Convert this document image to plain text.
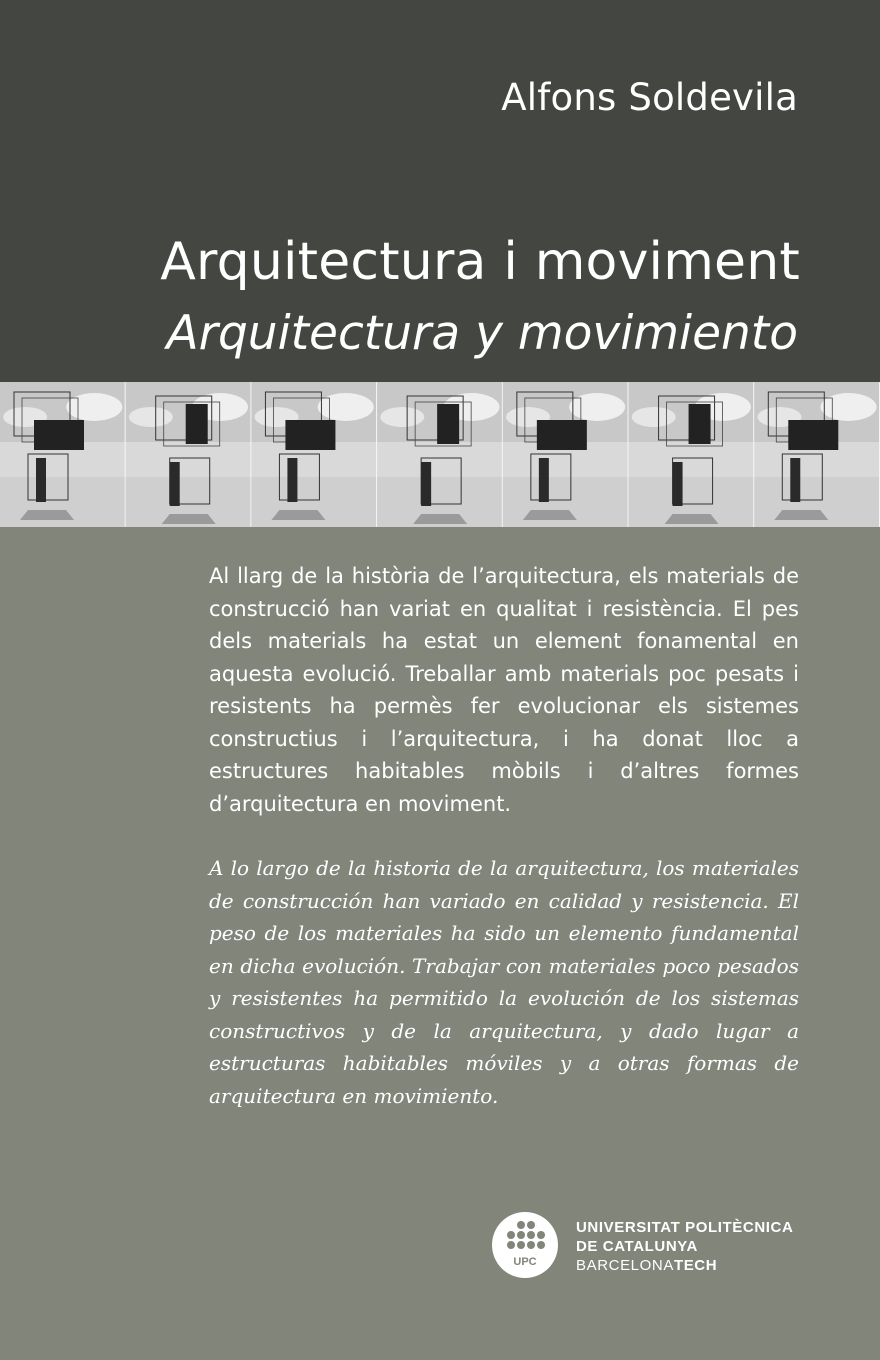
Alfons Soldevila
Arquitectura i moviment
Arquitectura y movimiento

Al llarg de la història de l’arquitectura, els materials de construcció han variat en qualitat i resistència. El pes dels materials ha estat un element fonamental en aquesta evolució. Treballar amb materials poc pesats i resistents ha permès fer evolucionar els sistemes constructius i l’arquitectura, i ha donat lloc a estructures habitables mòbils i d’altres formes d’arquitectura en moviment.

A lo largo de la historia de la arquitectura, los materiales de construcción han variado en calidad y resistencia. El peso de los materiales ha sido un elemento fundamental en dicha evolución. Trabajar con materiales poco pesados y resistentes ha permitido la evolución de los sistemas constructivos y de la arquitectura, y dado lugar a estructuras habitables móviles y a otras formas de arquitectura en movimiento.

UPC
UNIVERSITAT POLITÈCNICA
DE CATALUNYA
BARCELONATECH
